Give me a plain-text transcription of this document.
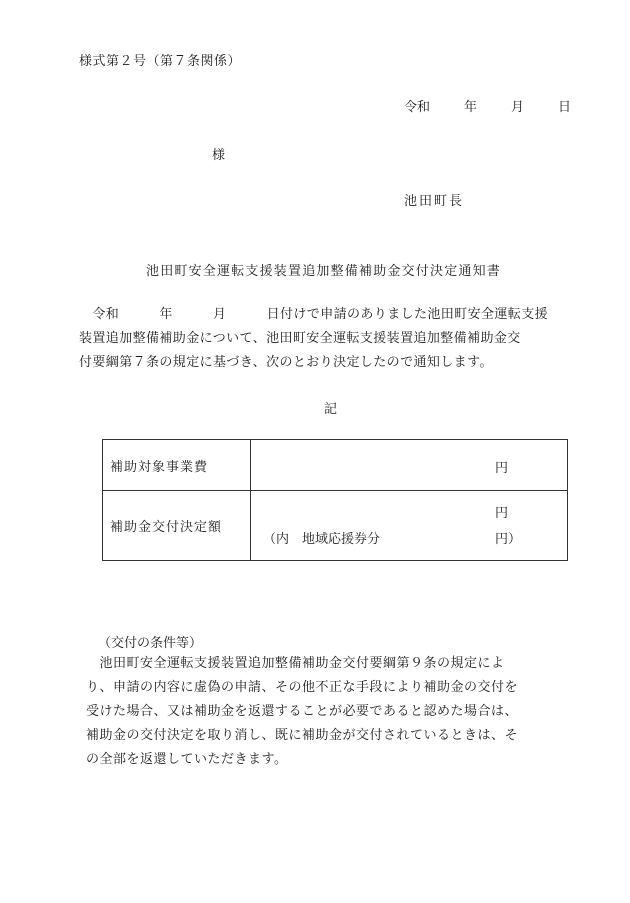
様式第２号（第７条関係）
令和	年	月	日
様
池田町長
池田町安全運転支援装置追加整備補助金交付決定通知書
　令和　　　年　　　月　　　日付けで申請のありました池田町安全運転支援
装置追加整備補助金について、池田町安全運転支援装置追加整備補助金交
付要綱第７条の規定に基づき、次のとおり決定したので通知します。
記
補助対象事業費	円

補助金交付決定額	円
（内　地域応援券分 円）
（交付の条件等）
　池田町安全運転支援装置追加整備補助金交付要綱第９条の規定によ
り、申請の内容に虚偽の申請、その他不正な手段により補助金の交付を
受けた場合、又は補助金を返還することが必要であると認めた場合は、
補助金の交付決定を取り消し、既に補助金が交付されているときは、そ
の全部を返還していただきます。
